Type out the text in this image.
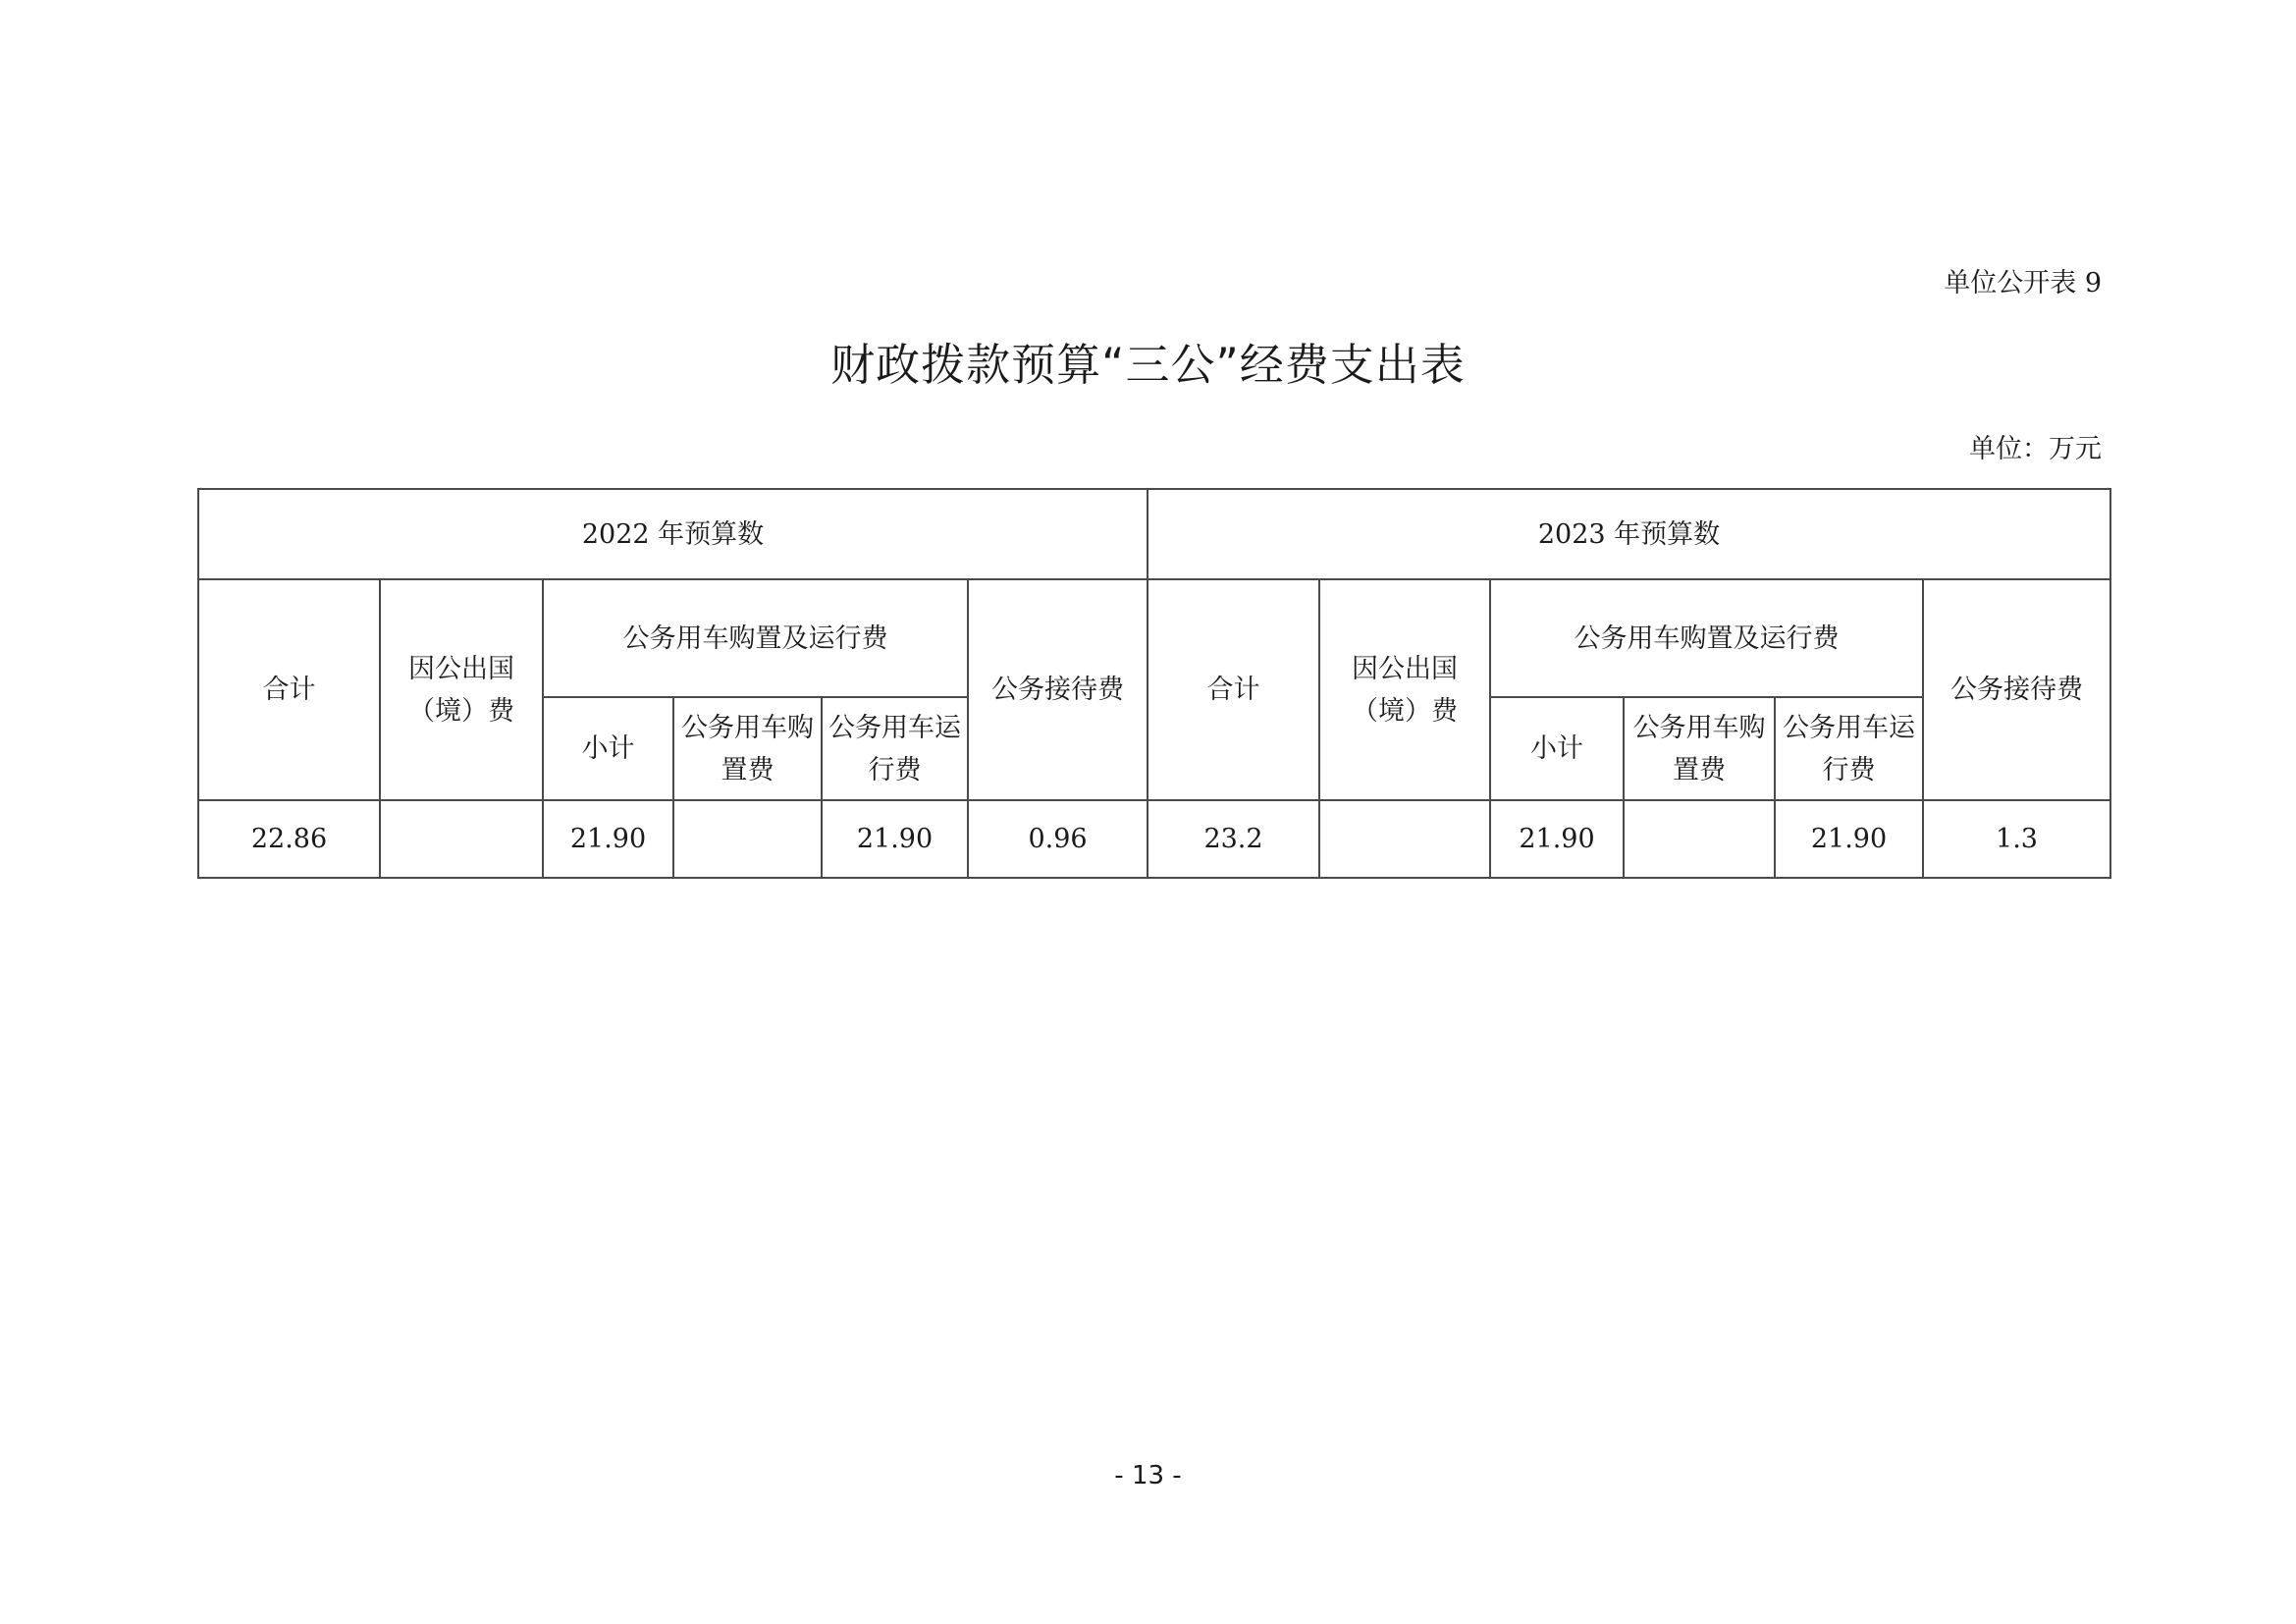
单位公开表 9
财政拨款预算“三公”经费支出表
单位：万元
2022 年预算数						2023 年预算数					
合计	因公出国（境）费	公务用车购置及运行费			公务接待费	合计	因公出国（境）费	公务用车购置及运行费			公务接待费
		小计	公务用车购置费	公务用车运行费				小计	公务用车购置费	公务用车运行费	
22.86		21.90		21.90	0.96	23.2		21.90		21.90	1.3
- 13 -
